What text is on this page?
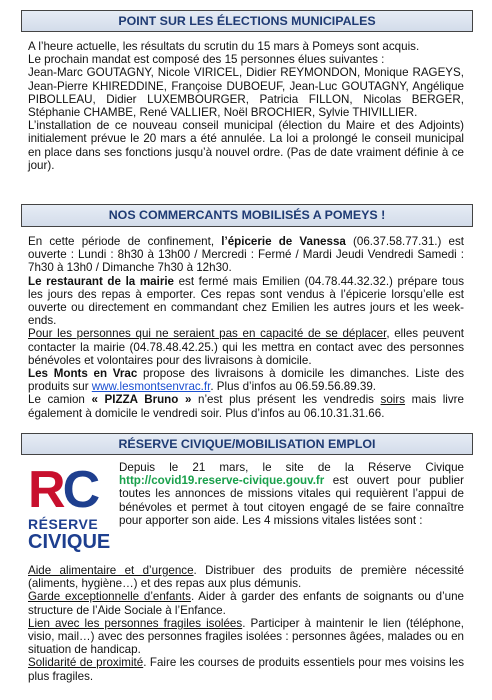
POINT SUR LES ÉLECTIONS MUNICIPALES

A l’heure actuelle, les résultats du scrutin du 15 mars à Pomeys sont acquis.

Le prochain mandat est composé des 15 personnes élues suivantes :

Jean-Marc GOUTAGNY, Nicole VIRICEL, Didier REYMONDON, Monique RAGEYS, Jean-Pierre KHIREDDINE, Françoise DUBOEUF, Jean-Luc GOUTAGNY, Angélique PIBOLLEAU, Didier LUXEMBOURGER, Patricia FILLON, Nicolas BERGER, Stéphanie CHAMBE, René VALLIER, Noël BROCHIER, Sylvie THIVILLIER.

L’installation de ce nouveau conseil municipal (élection du Maire et des Adjoints) initialement prévue le 20 mars a été annulée. La loi a prolongé le conseil municipal en place dans ses fonctions jusqu’à nouvel ordre. (Pas de date vraiment définie à ce jour).

NOS COMMERCANTS MOBILISÉS A POMEYS !

En cette période de confinement, l’épicerie de Vanessa (06.37.58.77.31.) est ouverte : Lundi : 8h30 à 13h00 / Mercredi : Fermé / Mardi Jeudi Vendredi Samedi : 7h30 à 13h0 / Dimanche 7h30 à 12h30.

Le restaurant de la mairie est fermé mais Emilien (04.78.44.32.32.) prépare tous les jours des repas à emporter. Ces repas sont vendus à l’épicerie lorsqu’elle est ouverte ou directement en commandant chez Emilien les autres jours et les week-ends.

Pour les personnes qui ne seraient pas en capacité de se déplacer, elles peuvent contacter la mairie (04.78.48.42.25.) qui les mettra en contact avec des personnes bénévoles et volontaires pour des livraisons à domicile.

Les Monts en Vrac propose des livraisons à domicile les dimanches. Liste des produits sur www.lesmontsenvrac.fr. Plus d’infos au 06.59.56.89.39.

Le camion « PIZZA Bruno » n’est plus présent les vendredis soirs mais livre également à domicile le vendredi soir. Plus d’infos au 06.10.31.31.66.

RÉSERVE CIVIQUE/MOBILISATION EMPLOI
RC
RÉSERVE
CIVIQUE

Depuis le 21 mars, le site de la Réserve Civique http://covid19.reserve-civique.gouv.fr est ouvert pour publier toutes les annonces de missions vitales qui requièrent l’appui de bénévoles et permet à tout citoyen engagé de se faire connaître pour apporter son aide. Les 4 missions vitales listées sont :

Aide alimentaire et d’urgence. Distribuer des produits de première nécessité (aliments, hygiène…) et des repas aux plus démunis.

Garde exceptionnelle d’enfants. Aider à garder des enfants de soignants ou d’une structure de l’Aide Sociale à l’Enfance.

Lien avec les personnes fragiles isolées. Participer à maintenir le lien (téléphone, visio, mail…) avec des personnes fragiles isolées : personnes âgées, malades ou en situation de handicap.

Solidarité de proximité. Faire les courses de produits essentiels pour mes voisins les plus fragiles.
